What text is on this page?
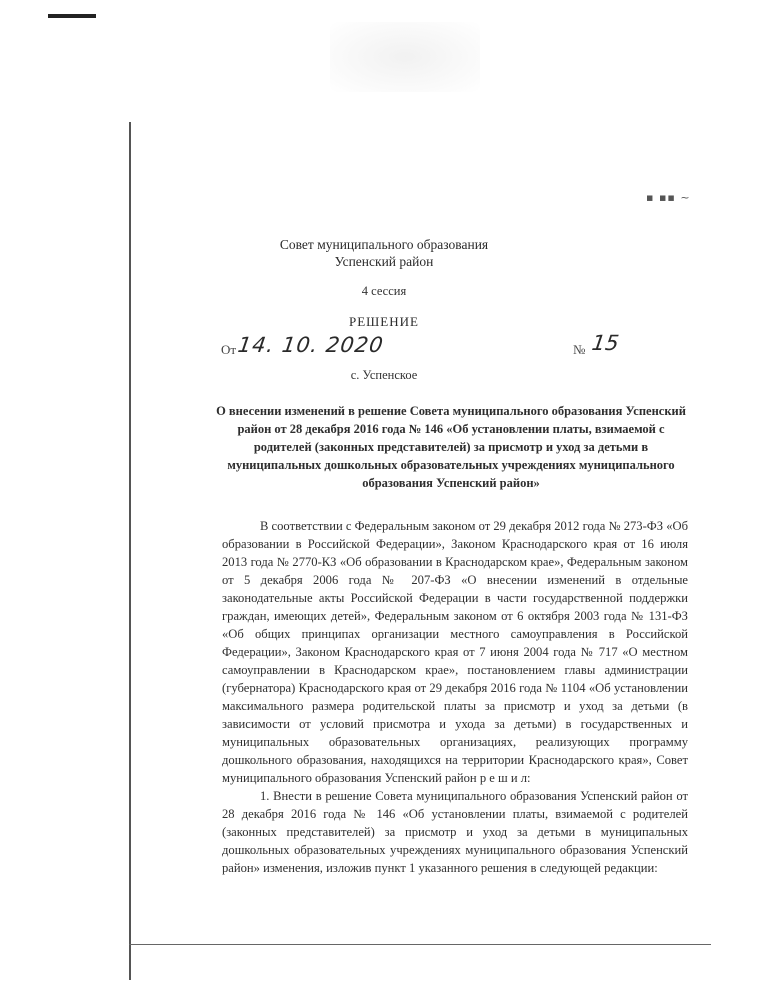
▪ ▪▪ ~
Совет муниципального образования
Успенский район
4 сессия
РЕШЕНИЕ
От 14. 10. 2020	№ 15
с. Успенское
О внесении изменений в решение Совета муниципального образования Успенский район от 28 декабря 2016 года № 146 «Об установлении платы, взимаемой с родителей (законных представителей) за присмотр и уход за детьми в муниципальных дошкольных образовательных учреждениях муниципального образования Успенский район»

В соответствии с Федеральным законом от 29 декабря 2012 года № 273-ФЗ «Об образовании в Российской Федерации», Законом Краснодарского края от 16 июля 2013 года № 2770-КЗ «Об образовании в Краснодарском крае», Федеральным законом от 5 декабря 2006 года № 207-ФЗ «О внесении изменений в отдельные законодательные акты Российской Федерации в части государственной поддержки граждан, имеющих детей», Федеральным законом от 6 октября 2003 года № 131-ФЗ «Об общих принципах организации местного самоуправления в Российской Федерации», Законом Краснодарского края от 7 июня 2004 года № 717 «О местном самоуправлении в Краснодарском крае», постановлением главы администрации (губернатора) Краснодарского края от 29 декабря 2016 года № 1104 «Об установлении максимального размера родительской платы за присмотр и уход за детьми (в зависимости от условий присмотра и ухода за детьми) в государственных и муниципальных образовательных организациях, реализующих программу дошкольного образования, находящихся на территории Краснодарского края», Совет муниципального образования Успенский район р е ш и л:

1. Внести в решение Совета муниципального образования Успенский район от 28 декабря 2016 года № 146 «Об установлении платы, взимаемой с родителей (законных представителей) за присмотр и уход за детьми в муниципальных дошкольных образовательных учреждениях муниципального образования Успенский район» изменения, изложив пункт 1 указанного решения в следующей редакции:
